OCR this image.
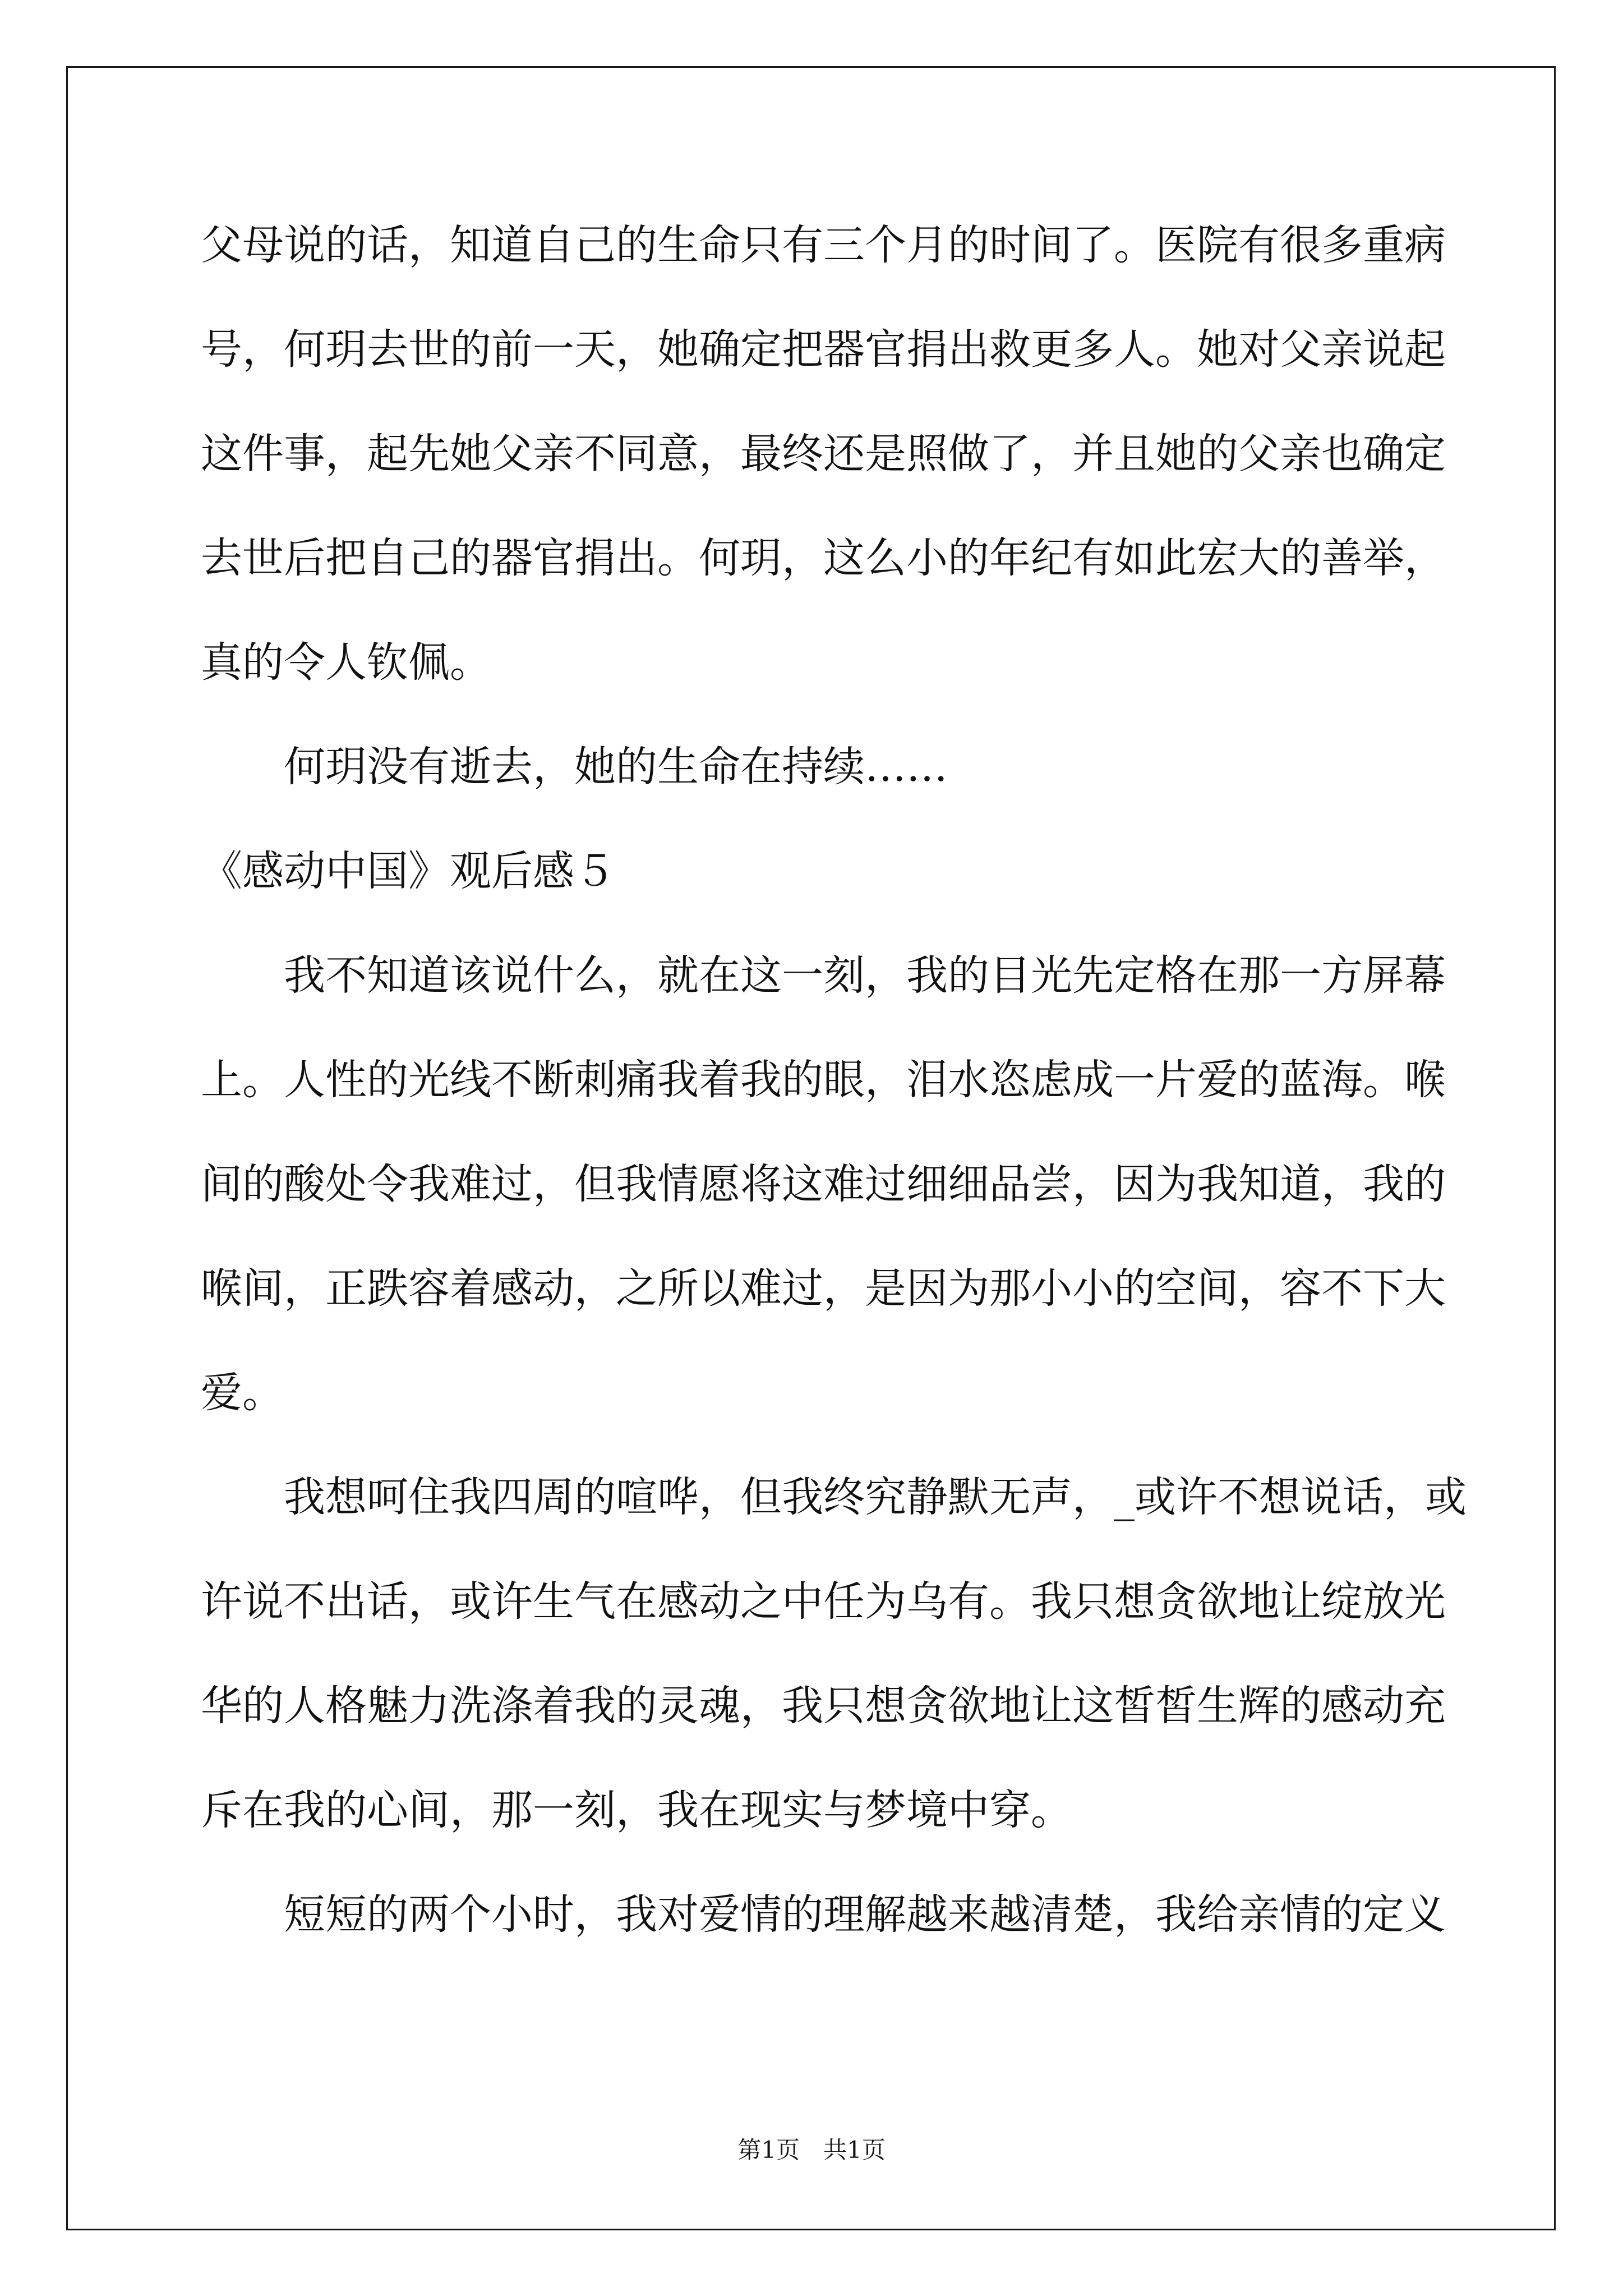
父母说的话，知道自己的生命只有三个月的时间了。医院有很多重病
号，何玥去世的前一天，她确定把器官捐出救更多人。她对父亲说起
这件事，起先她父亲不同意，最终还是照做了，并且她的父亲也确定
去世后把自己的器官捐出。何玥，这么小的年纪有如此宏大的善举，
真的令人钦佩。
何玥没有逝去，她的生命在持续……
《感动中国》观后感５
我不知道该说什么，就在这一刻，我的目光先定格在那一方屏幕
上。人性的光线不断刺痛我着我的眼，泪水恣虑成一片爱的蓝海。喉
间的酸处令我难过，但我情愿将这难过细细品尝，因为我知道，我的
喉间，正跌容着感动，之所以难过，是因为那小小的空间，容不下大
爱。
我想呵住我四周的喧哗，但我终究静默无声，_或许不想说话，或
许说不出话，或许生气在感动之中任为乌有。我只想贪欲地让绽放光
华的人格魅力洗涤着我的灵魂，我只想贪欲地让这皙皙生辉的感动充
斥在我的心间，那一刻，我在现实与梦境中穿。
短短的两个小时，我对爱情的理解越来越清楚，我给亲情的定义
第1页　共1页
